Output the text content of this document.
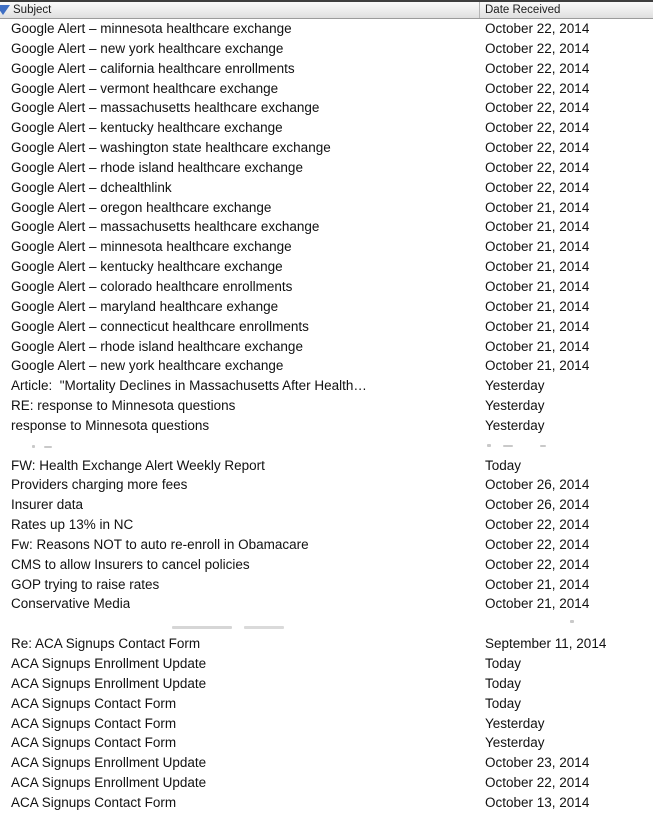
Subject	Date Received
Google Alert – minnesota healthcare exchange	October 22, 2014
Google Alert – new york healthcare exchange	October 22, 2014
Google Alert – california healthcare enrollments	October 22, 2014
Google Alert – vermont healthcare exchange	October 22, 2014
Google Alert – massachusetts healthcare exchange	October 22, 2014
Google Alert – kentucky healthcare exchange	October 22, 2014
Google Alert – washington state healthcare exchange	October 22, 2014
Google Alert – rhode island healthcare exchange	October 22, 2014
Google Alert – dchealthlink	October 22, 2014
Google Alert – oregon healthcare exchange	October 21, 2014
Google Alert – massachusetts healthcare exchange	October 21, 2014
Google Alert – minnesota healthcare exchange	October 21, 2014
Google Alert – kentucky healthcare exchange	October 21, 2014
Google Alert – colorado healthcare enrollments	October 21, 2014
Google Alert – maryland healthcare exhange	October 21, 2014
Google Alert – connecticut healthcare enrollments	October 21, 2014
Google Alert – rhode island healthcare exchange	October 21, 2014
Google Alert – new york healthcare exchange	October 21, 2014
Article:  "Mortality Declines in Massachusetts After Health…	Yesterday
RE: response to Minnesota questions	Yesterday
response to Minnesota questions	Yesterday
FW: Health Exchange Alert Weekly Report	Today
Providers charging more fees	October 26, 2014
Insurer data	October 26, 2014
Rates up 13% in NC	October 22, 2014
Fw: Reasons NOT to auto re-enroll in Obamacare	October 22, 2014
CMS to allow Insurers to cancel policies	October 22, 2014
GOP trying to raise rates	October 21, 2014
Conservative Media	October 21, 2014
Re: ACA Signups Contact Form	September 11, 2014
ACA Signups Enrollment Update	Today
ACA Signups Enrollment Update	Today
ACA Signups Contact Form	Today
ACA Signups Contact Form	Yesterday
ACA Signups Contact Form	Yesterday
ACA Signups Enrollment Update	October 23, 2014
ACA Signups Enrollment Update	October 22, 2014
ACA Signups Contact Form	October 13, 2014
